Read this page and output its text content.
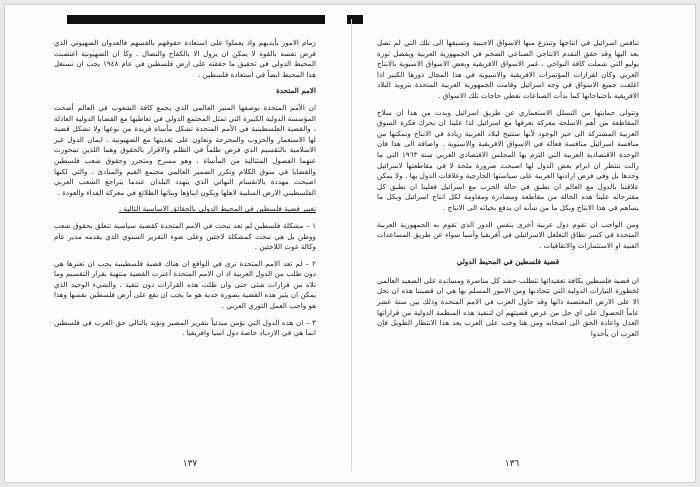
زمام الامور بأيديهم واذ يعملوا على استعادة حقوقهم بالقسهم فالعدوان الصهيوني الذي فرض نفسه بالقوة لا يمكن ان يزول الا بالكفاح والنضال . وكا ان الصهيونية اغتصبت المحيط الدولي في تحقيق ما حققته على ارض فلسطين في عام ١٩٤٨ يجب ان تستغل هذا المحيط ايضاً في استعادة فلسطين .

الامم المتحدة

ان الأمم المتحدة بوصفها المنبر العالمي الذي يجمع كافة الشعوب في العالم أضحت المؤسسة الدولية الكبيرة التي تمثل المجتمع الدولي في تعاطيها مع القضايا الدولية العادلة ، والقضية الفلسطينية في الأمم المتحدة تشكل مأساة فريدة من نوعها ولا تشكل قضية لها الاستعمار والحروب والمحرجة وتعاون على تغذيتها مع الصهيونية . ايمان الدول غير الاسلامية بالتقسيم الذي فرض ظلماً في الظلم والاقرار بالحقوق وهما اللذين تمحورت عنهما الفصول المتتالية من المأساة ، وهو مسرح ومتحرر وحقوق شعب فلسطين والقضايا في سوق الكلام وتكرر الضمير العالمي مجتمع القيم والمبادئ . والتي لكنها اصبحت مهددة بالانقسام النهائي الذي يتهدد البلدان عندما يتراجع الشعب العربي الفلسطيني الارض السليبة لاهلها ويكون ابناؤها وبناتها الطلائع في معركة الفداء والعودة .

تغيير قضية فلسطين في المحيط الدولي بالحقائق الاساسية التالية .

١ – مشكلة فلسطين لم تعد تبحث في الامم المتحدة كقضية سياسية تتعلق بحقوق شعب ووطن بل هي تبحث كمشكلة لاجئين وعلى ضوء التقرير السنوي الذي يقدمه مدير عام وكالة غوث اللاجئين .

٢ – لم تعد الامم المتحدة ترى في الواقع ان هناك قضية فلسطينية يجب ان تعترها هي دون طلب من الدول العربية اذ ان الامم المتحدة أعترت القضية منتهية بقرار التقسيم وما تلاه من قرارات شتى حتى وان ظلت هذه القرارات دون تنفيذ . والشيء الوحيد الذي يمكن ان يثير هذه القضية بصورة جدية هو ما يجب ان يقع على أرض فلسطين نفسها وهذا هو واجب العمل الثوري العربي .

٣ – ان هذه الدول التي تؤمن مبدئياً بتقرير المصير وتؤيد بالتالي حق العرب في فلسطين انما هي في الازدياد خاصة دول اسيا وافريقيا .

تنافس اسرائيل في انتاجها وتنتزع منها الاسواق الاجنبية وتسيقها الى تلك التي لم تصل بعد اليها وقد حقق التقدم الانتاجي الصناعي الضخم في الجمهورية العربية ويفضل ثورة يوليو التي شملت كافة النواحي ، غمر الاسواق الافريقية وبعض الاسواق الاسيوية بالانتاج العربي وكان لقرارات المؤتمرات الافريقية والاسيوية في هذا المجال دورها الكبير اذا اغلقت جميع الاسواق في وجه اسرائيل وقامت الجمهورية العربية المتحدة بتزويد البلاد الافريقية باحتياجاتها كما بدأت الصناعات تغطي حاجات تلك الاسواق .

وتتولى حمايتها من التسلل الاستعماري عن طريق اسرائيل وبدت من هذا ان سلاح المقاطعة من أهم الاسلحة معركة تعرفها مع اسرائيل لذا علينا ان نحرك فكرة السوق العربية المشتركة الى حيز الوجود لأنها ستتيح لبلاد العربية زيادة في الانتاج وتمكنها من منافسة اسرائيل منافسة فعالة في الاسواق الافريقية والاسيوية . واضافة الى هذا فان الوحدة الاقتصادية العربية التي التزم بها المجلس الاقتصادي العربي سنة ١٩٦٣ التي ما زالت تنتظر ان ابرام بعض الدول لها اصبحت ضرورة ملحة لا في مقاطعتها لاسرائيل وحدها بل وفي فرض ارادتها العربية على سياستها الخارجية وعلاقات الدول بها . ولا يمكن علاقتنا بالدول مع العالم ان نطبق في حالة الحرب مع اسرائيل فعلينا ان نطبق كل مقترحاته علينا هذه الحالة من مقاطعة ومصادرة ومقاومة لكل انتاج اسرائيل وبكل ما يساهم في هذا الانتاج وبكل ما من شأنه ان يدفع بحياته الى الانتاج .

ومن الواجب ان تقوم دول عربية أخرى بنفس الدور الذي تقوم به الجمهورية العربية المتحدة في كسر نطاق التغلغل الاسرائيلي في أفريقيا وآسيا سواء عن طريق المساعدات الفنية او الاستثمارات والاتفاقيات .

قضية فلسطين في المحيط الدولي

ان قضية فلسطين بكافة تعقيداتها تتطلب حشد كل مناصرة ومساندة على الصعيد العالمي لخطورة التيارات الدولية التي تتجاذبها ومن الامور المسلم بها هي ان قضيتنا هذه ان تحل الا على الارض المغتصبة ذاتها وقد حاول العرب في الامم المتحدة وذلك بين سنة عشر عاماً الحصول على اي حل من عرض قضيتهم ان لتنفيذ هذه المنظمة الدولية من قراراتها العدل واعادة الحق الى اصحابه ومن هنا وجب على العرب بعد هذا الانتظار الطويل فإن العرب ان يأخذوا

١٣٧	١٣٦
